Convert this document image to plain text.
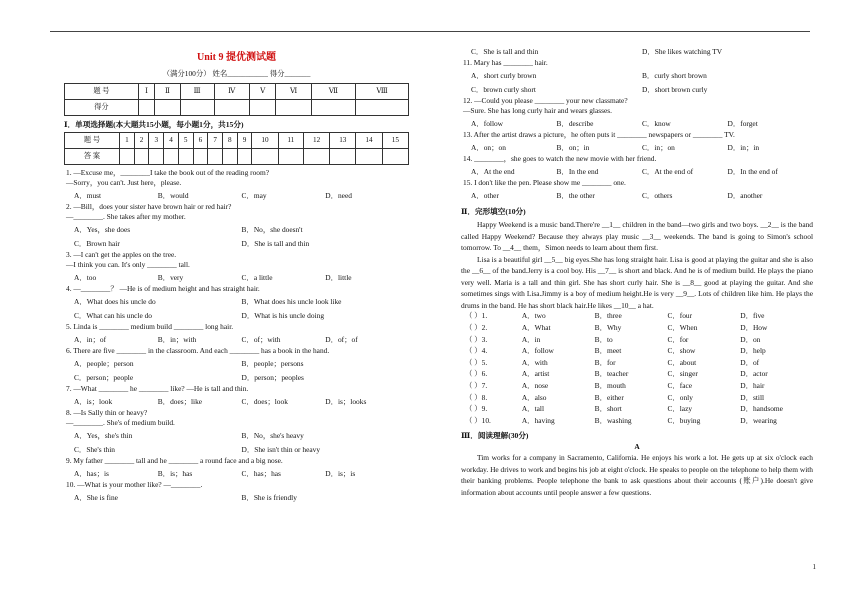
Unit 9 提优测试题
（满分100分） 姓名___________ 得分_______
题 号	Ⅰ	Ⅱ	Ⅲ	Ⅳ	Ⅴ	Ⅵ	Ⅶ	Ⅷ
得分								
Ⅰ．单项选择题(本大题共15小题，每小题1分，共15分)
题 号	1	2	3	4	5	6	7	8	9	10	11	12	13	14	15
答 案															
1. —Excuse me，________I take the book out of the reading room?
—Sorry，you can't. Just here，please.
A．must	B．would	C．may	D．need
2. —Bill，does your sister have brown hair or red hair?
—________. She takes after my mother.
A．Yes，she does	B．No，she doesn't
C．Brown hair	D．She is tall and thin
3. —I can't get the apples on the tree.
—I think you can. It's only ________ tall.
A．too	B．very	C．a little	D．little
4. —________？ —He is of medium height and has straight hair.
A．What does his uncle do	B．What does his uncle look like
C．What can his uncle do	D．What is his uncle doing
5. Linda is ________ medium build ________ long hair.
A．in；of	B．in；with	C．of；with	D．of；of
6. There are five ________ in the classroom. And each ________ has a book in the hand.
A．people；person	B．people；persons
C．person；people	D．person；peoples
7. —What ________ he ________ like? —He is tall and thin.
A．is；look	B．does；like	C．does；look	D．is；looks
8. —Is Sally thin or heavy?
—________. She's of medium build.
A．Yes，she's thin	B．No，she's heavy
C．She's thin	D．She isn't thin or heavy
9. My father ________ tall and he ________ a round face and a big nose.
A．has；is	B．is；has	C．has；has	D．is；is
10. —What is your mother like? —________.
A．She is fine	B．She is friendly
C．She is tall and thin	D．She likes watching TV
11. Mary has ________ hair.
A．short curly brown	B．curly short brown
C．brown curly short	D．short brown curly
12. —Could you please ________ your new classmate?
—Sure. She has long curly hair and wears glasses.
A．follow	B．describe	C．know	D．forget
13. After the artist draws a picture，he often puts it ________ newspapers or ________ TV.
A．on；on	B．on；in	C．in；on	D．in；in
14. ________，she goes to watch the new movie with her friend.
A．At the end	B．In the end	C．At the end of	D．In the end of
15. I don't like the pen. Please show me ________ one.
A．other	B．the other	C．others	D．another
Ⅱ．完形填空(10分)

Happy Weekend is a music band.There're __1__ children in the band—two girls and two boys. __2__ is the band called Happy Weekend? Because they always play music __3__ weekends. The band is going to Simon's school tomorrow. To __4__ them，Simon needs to learn about them first.

Lisa is a beautiful girl __5__ big eyes.She has long straight hair. Lisa is good at playing the guitar and she is also the __6__ of the band.Jerry is a cool boy. His __7__ is short and black. And he is of medium build. He plays the piano very well. Maria is a tall and thin girl. She has short curly hair. She is __8__ good at playing the guitar. And she sometimes sings with Lisa.Jimmy is a boy of medium height.He is very __9__. Lots of children like him. He plays the drums in the band. He has short black hair.He likes __10__ a hat.

（ ）1.	A．two	B．three	C．four	D．five
（ ）2.	A．What	B．Why	C．When	D．How
（ ）3.	A．in	B．to	C．for	D．on
（ ）4.	A．follow	B．meet	C．show	D．help
（ ）5.	A．with	B．for	C．about	D．of
（ ）6.	A．artist	B．teacher	C．singer	D．actor
（ ）7.	A．nose	B．mouth	C．face	D．hair
（ ）8.	A．also	B．either	C．only	D．still
（ ）9.	A．tall	B．short	C．lazy	D．handsome
（ ）10.	A．having	B．washing	C．buying	D．wearing
Ⅲ．阅读理解(30分)
A

Tim works for a company in Sacramento, California. He enjoys his work a lot. He gets up at six o'clock each workday. He drives to work and begins his job at eight o'clock. He speaks to people on the telephone to help them with their banking problems. People telephone the bank to ask questions about their accounts (账户).He doesn't give information about accounts until people answer a few questions.

1
